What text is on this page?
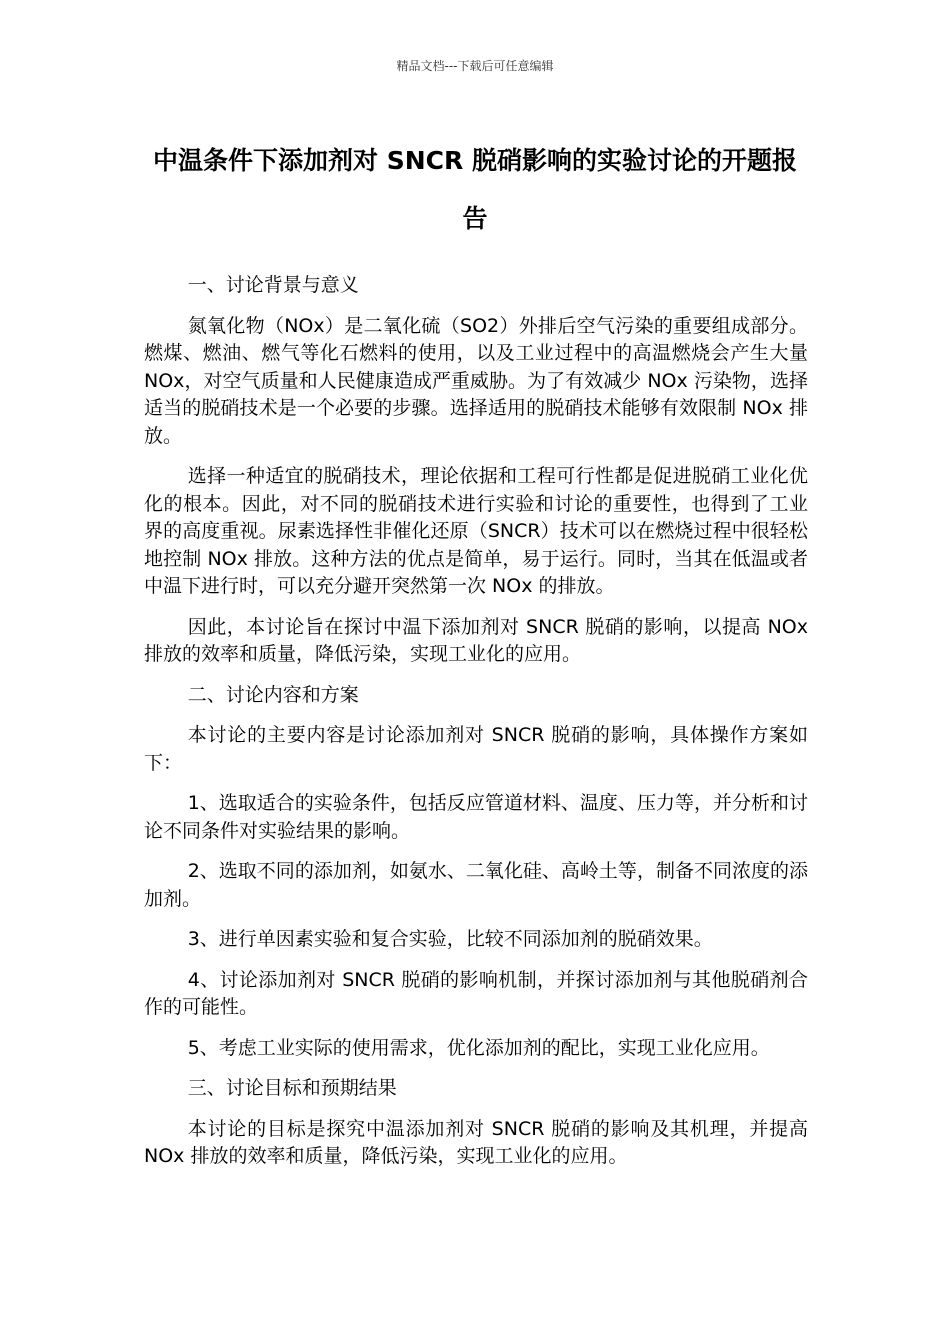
精品文档---下载后可任意编辑
中温条件下添加剂对 SNCR 脱硝影响的实验讨论的开题报告

一、讨论背景与意义

氮氧化物（NOx）是二氧化硫（SO2）外排后空气污染的重要组成部分。燃煤、燃油、燃气等化石燃料的使用，以及工业过程中的高温燃烧会产生大量 NOx，对空气质量和人民健康造成严重威胁。为了有效减少 NOx 污染物，选择适当的脱硝技术是一个必要的步骤。选择适用的脱硝技术能够有效限制 NOx 排放。

选择一种适宜的脱硝技术，理论依据和工程可行性都是促进脱硝工业化优化的根本。因此，对不同的脱硝技术进行实验和讨论的重要性，也得到了工业界的高度重视。尿素选择性非催化还原（SNCR）技术可以在燃烧过程中很轻松地控制 NOx 排放。这种方法的优点是简单，易于运行。同时，当其在低温或者中温下进行时，可以充分避开突然第一次 NOx 的排放。

因此，本讨论旨在探讨中温下添加剂对 SNCR 脱硝的影响，以提高 NOx 排放的效率和质量，降低污染，实现工业化的应用。

二、讨论内容和方案

本讨论的主要内容是讨论添加剂对 SNCR 脱硝的影响，具体操作方案如下：

1、选取适合的实验条件，包括反应管道材料、温度、压力等，并分析和讨论不同条件对实验结果的影响。

2、选取不同的添加剂，如氨水、二氧化硅、高岭土等，制备不同浓度的添加剂。

3、进行单因素实验和复合实验，比较不同添加剂的脱硝效果。

4、讨论添加剂对 SNCR 脱硝的影响机制，并探讨添加剂与其他脱硝剂合作的可能性。

5、考虑工业实际的使用需求，优化添加剂的配比，实现工业化应用。

三、讨论目标和预期结果

本讨论的目标是探究中温添加剂对 SNCR 脱硝的影响及其机理，并提高 NOx 排放的效率和质量，降低污染，实现工业化的应用。
